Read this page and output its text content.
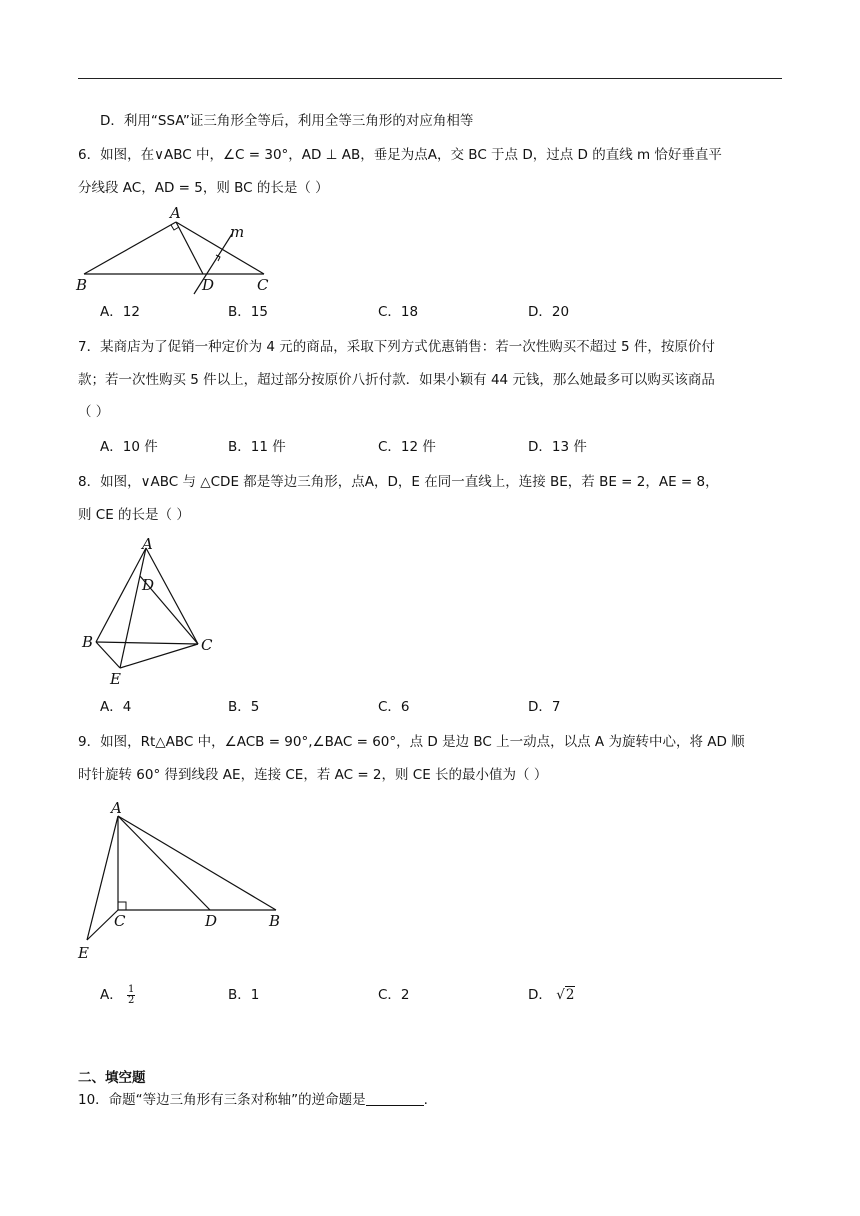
D．利用“SSA”证三角形全等后，利用全等三角形的对应角相等
6．如图，在∨ABC 中，∠C = 30°，AD ⊥ AB，垂足为点A，交 BC 于点 D，过点 D 的直线 m 恰好垂直平
分线段 AC，AD = 5，则 BC 的长是（ ）
A
B	D	C
m
A．12	B．15	C．18	D．20
7．某商店为了促销一种定价为 4 元的商品，采取下列方式优惠销售：若一次性购买不超过 5 件，按原价付
款；若一次性购买 5 件以上，超过部分按原价八折付款．如果小颖有 44 元钱，那么她最多可以购买该商品
（ ）
A．10 件	B．11 件	C．12 件	D．13 件
8．如图，∨ABC 与 △CDE 都是等边三角形，点A，D，E 在同一直线上，连接 BE，若 BE = 2，AE = 8，
则 CE 的长是（ ）
A
D
B	C
E
A．4	B．5	C．6	D．7
9．如图，Rt△ABC 中，∠ACB = 90°,∠BAC = 60°，点 D 是边 BC 上一动点，以点 A 为旋转中心，将 AD 顺
时针旋转 60° 得到线段 AE，连接 CE，若 AC = 2，则 CE 长的最小值为（ ）
A
C	D	B
E
A． $\frac{1}{2}$	B．1	C．2	D． √2
二、填空题
10．命题“等边三角形有三条对称轴”的逆命题是	.
